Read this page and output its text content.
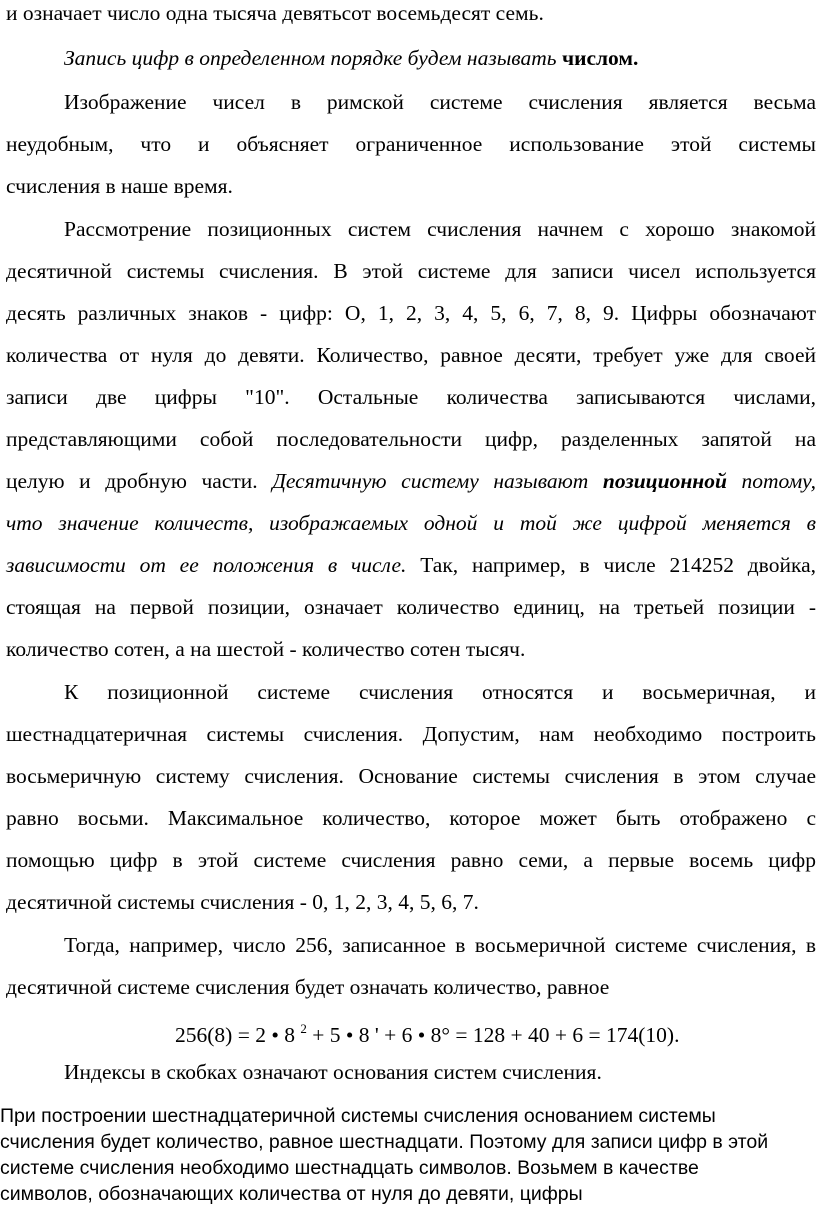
и означает число одна тысяча девятьсот восемьдесят семь.
Запись цифр в определенном порядке будем называть числом.
Изображение чисел в римской системе счисления является весьма
неудобным, что и объясняет ограниченное использование этой системы
счисления в наше время.
Рассмотрение позиционных систем счисления начнем с хорошо знакомой
десятичной системы счисления. В этой системе для записи чисел используется
десять различных знаков - цифр: О, 1, 2, 3, 4, 5, 6, 7, 8, 9. Цифры обозначают
количества от нуля до девяти. Количество, равное десяти, требует уже для своей
записи две цифры "10". Остальные количества записываются числами,
представляющими собой последовательности цифр, разделенных запятой на
целую и дробную части. Десятичную систему называют позиционной потому,
что значение количеств, изображаемых одной и той же цифрой меняется в
зависимости от ее положения в числе. Так, например, в числе 214252 двойка,
стоящая на первой позиции, означает количество единиц, на третьей позиции -
количество сотен, а на шестой - количество сотен тысяч.
К позиционной системе счисления относятся и восьмеричная, и
шестнадцатеричная системы счисления. Допустим, нам необходимо построить
восьмеричную систему счисления. Основание системы счисления в этом случае
равно восьми. Максимальное количество, которое может быть отображено с
помощью цифр в этой системе счисления равно семи, а первые восемь цифр
десятичной системы счисления - 0, 1, 2, 3, 4, 5, 6, 7.
Тогда, например, число 256, записанное в восьмеричной системе счисления, в
десятичной системе счисления будет означать количество, равное
256(8) = 2 • 8 $^2$ + 5 • 8 ' + 6 • 8° = 128 + 40 + 6 = 174(10).
Индексы в скобках означают основания систем счисления.
При построении шестнадцатеричной системы счисления основанием системы
счисления будет количество, равное шестнадцати. Поэтому для записи цифр в этой
системе счисления необходимо шестнадцать символов. Возьмем в качестве
символов, обозначающих количества от нуля до девяти, цифры
